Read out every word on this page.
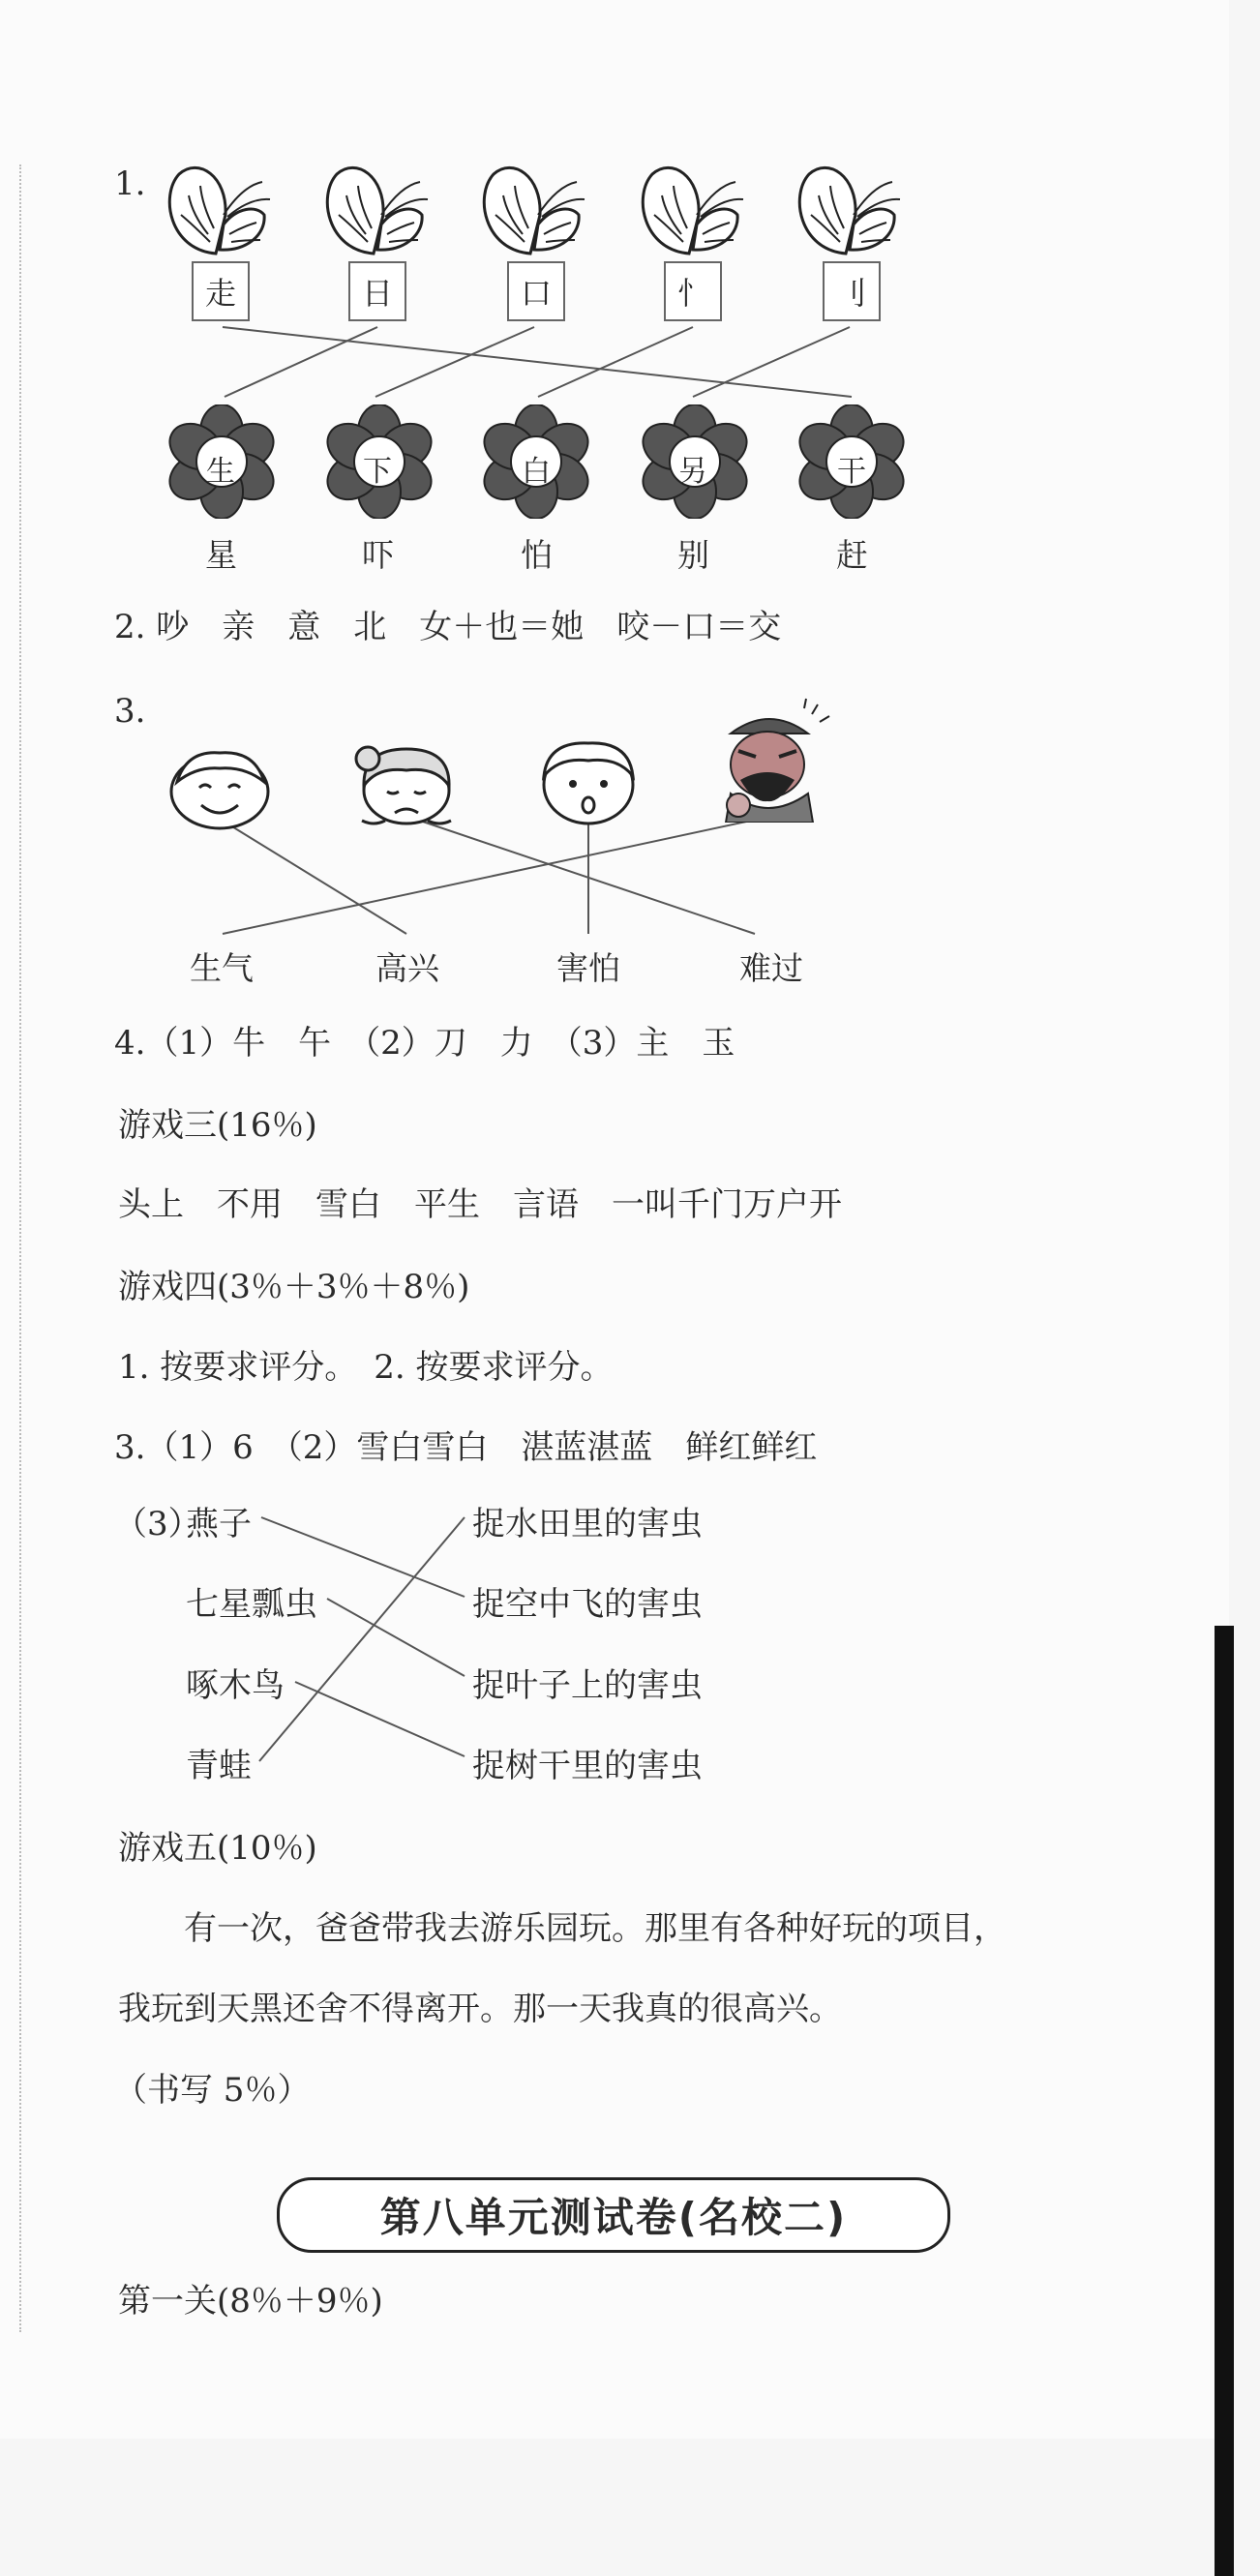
1.
走	日	口	忄	刂
生	下	白	另	干
星	吓	怕	别	赶
2. 吵　亲　意　北　女＋也＝她　咬－口＝交
3.
生气	高兴	害怕	难过
4.（1）牛　午　（2）刀　力　（3）主　玉
游戏三(16％)
头上　不用　雪白　平生　言语　一叫千门万户开
游戏四(3％＋3％＋8％)
1. 按要求评分。　2. 按要求评分。
3.（1）6　（2）雪白雪白　湛蓝湛蓝　鲜红鲜红
（3）
燕子
七星瓢虫
啄木鸟
青蛙
捉水田里的害虫
捉空中飞的害虫
捉叶子上的害虫
捉树干里的害虫
游戏五(10％)
　　有一次，爸爸带我去游乐园玩。那里有各种好玩的项目，
我玩到天黑还舍不得离开。那一天我真的很高兴。
（书写 5％）
第八单元测试卷(名校二)
第一关(8％＋9％)
